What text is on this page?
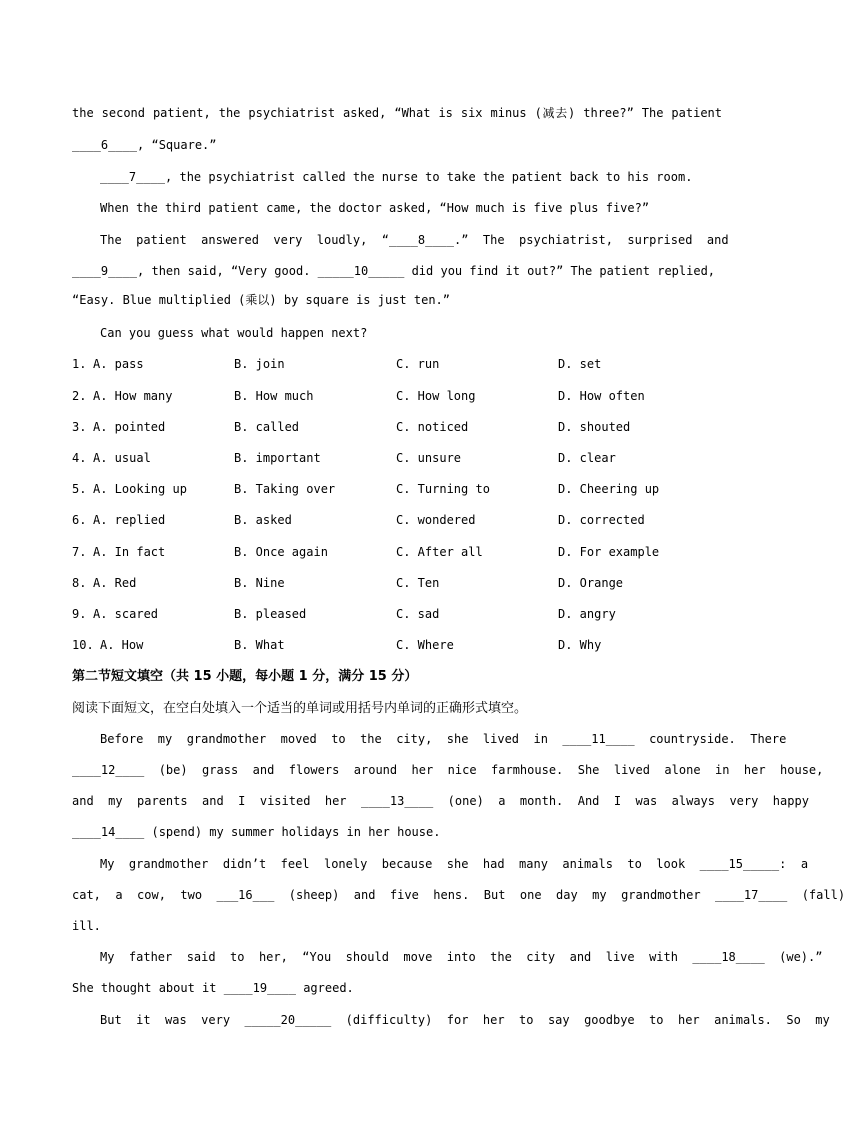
the second patient, the psychiatrist asked, “What is six minus (减去) three?” The patient
____6____, “Square.”
____7____, the psychiatrist called the nurse to take the patient back to his room.
When the third patient came, the doctor asked, “How much is five plus five?”
The  patient  answered  very  loudly,  “____8____.”  The  psychiatrist,  surprised  and
____9____, then said, “Very good. _____10_____ did you find it out?” The patient replied,
“Easy. Blue multiplied (乘以) by square is just ten.”
Can you guess what would happen next?
1. A. pass	B. join	C. run	D. set
2. A. How many	B. How much	C. How long	D. How often
3. A. pointed	B. called	C. noticed	D. shouted
4. A. usual	B. important	C. unsure	D. clear
5. A. Looking up	B. Taking over	C. Turning to	D. Cheering up
6. A. replied	B. asked	C. wondered	D. corrected
7. A. In fact	B. Once again	C. After all	D. For example
8. A. Red	B. Nine	C. Ten	D. Orange
9. A. scared	B. pleased	C. sad	D. angry
10. A. How	B. What	C. Where	D. Why
第二节短文填空（共 15 小题，每小题 1 分，满分 15 分）
阅读下面短文，在空白处填入一个适当的单词或用括号内单词的正确形式填空。
Before  my  grandmother  moved  to  the  city,  she  lived  in  ____11____  countryside.  There
____12____  (be)  grass  and  flowers  around  her  nice  farmhouse.  She  lived  alone  in  her  house,
and  my  parents  and  I  visited  her  ____13____  (one)  a  month.  And  I  was  always  very  happy
____14____ (spend) my summer holidays in her house.
My  grandmother  didn’t  feel  lonely  because  she  had  many  animals  to  look  ____15_____:  a
cat,  a  cow,  two  ___16___  (sheep)  and  five  hens.  But  one  day  my  grandmother  ____17____  (fall)
ill.
My  father  said  to  her,  “You  should  move  into  the  city  and  live  with  ____18____  (we).”
She thought about it ____19____ agreed.
But  it  was  very  _____20_____  (difficulty)  for  her  to  say  goodbye  to  her  animals.  So  my
